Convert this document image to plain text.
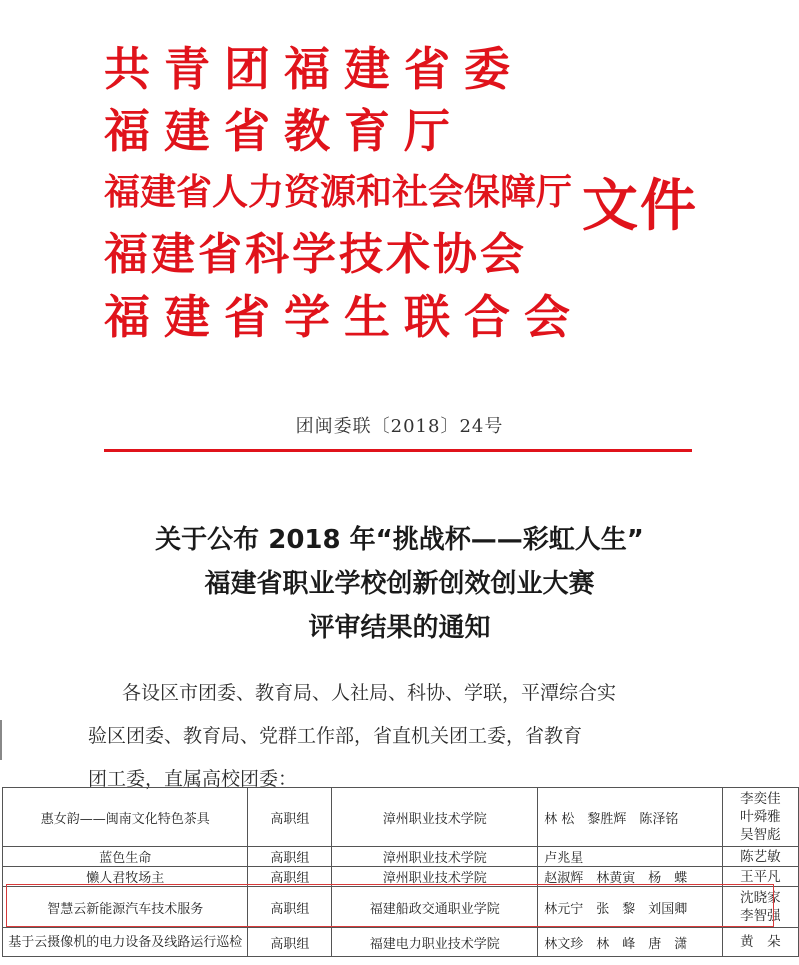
共青团福建省委
福建省教育厅
福建省人力资源和社会保障厅
福建省科学技术协会
福建省学生联合会
文件
团闽委联〔2018〕24号
关于公布 2018 年“挑战杯——彩虹人生”
福建省职业学校创新创效创业大赛
评审结果的通知
各设区市团委、教育局、人社局、科协、学联，平潭综合实
验区团委、教育局、党群工作部，省直机关团工委，省教育
团工委，直属高校团委：
惠女韵——闽南文化特色茶具	高职组	漳州职业技术学院	林 松　黎胜辉　陈泽铭	李奕佳
叶舜雅
吴智彪
蓝色生命	高职组	漳州职业技术学院	卢兆星	陈艺敏
懒人君牧场主	高职组	漳州职业技术学院	赵淑辉　林黄寅　杨　蝶	王平凡
智慧云新能源汽车技术服务	高职组	福建船政交通职业学院	林元宁　张　黎　刘国卿	沈晓家
李智强
基于云摄像机的电力设备及线路运行巡检	高职组	福建电力职业技术学院	林文珍　林　峰　唐　潇	黄　朵
